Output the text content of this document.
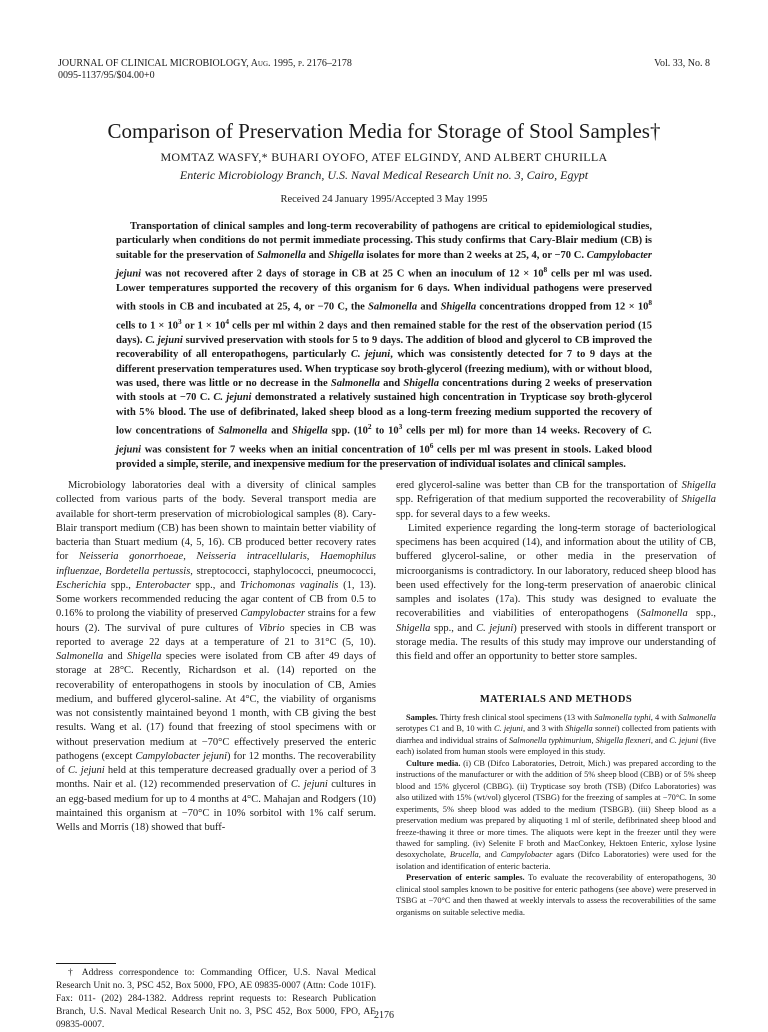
JOURNAL OF CLINICAL MICROBIOLOGY, Aug. 1995, p. 2176–2178
0095-1137/95/$04.00+0
Vol. 33, No. 8
Comparison of Preservation Media for Storage of Stool Samples†
MOMTAZ WASFY,* BUHARI OYOFO, ATEF ELGINDY, AND ALBERT CHURILLA
Enteric Microbiology Branch, U.S. Naval Medical Research Unit no. 3, Cairo, Egypt
Received 24 January 1995/Accepted 3 May 1995
Transportation of clinical samples and long-term recoverability of pathogens are critical to epidemiological studies, particularly when conditions do not permit immediate processing. This study confirms that Cary-Blair medium (CB) is suitable for the preservation of Salmonella and Shigella isolates for more than 2 weeks at 25, 4, or −70 C. Campylobacter jejuni was not recovered after 2 days of storage in CB at 25 C when an inoculum of $12 \times 10^8$ cells per ml was used. Lower temperatures supported the recovery of this organism for 6 days. When individual pathogens were preserved with stools in CB and incubated at 25, 4, or −70 C, the Salmonella and Shigella concentrations dropped from $12 \times 10^8$ cells to $1 \times 10^3$ or $1 \times 10^4$ cells per ml within 2 days and then remained stable for the rest of the observation period (15 days). C. jejuni survived preservation with stools for 5 to 9 days. The addition of blood and glycerol to CB improved the recoverability of all enteropathogens, particularly C. jejuni, which was consistently detected for 7 to 9 days at the different preservation temperatures used. When trypticase soy broth-glycerol (freezing medium), with or without blood, was used, there was little or no decrease in the Salmonella and Shigella concentrations during 2 weeks of preservation with stools at −70 C. C. jejuni demonstrated a relatively sustained high concentration in Trypticase soy broth-glycerol with 5% blood. The use of defibrinated, laked sheep blood as a long-term freezing medium supported the recovery of low concentrations of Salmonella and Shigella spp. ($10^2$ to $10^3$ cells per ml) for more than 14 weeks. Recovery of C. jejuni was consistent for 7 weeks when an initial concentration of $10^6$ cells per ml was present in stools. Laked blood provided a simple, sterile, and inexpensive medium for the preservation of individual isolates and clinical samples.

Microbiology laboratories deal with a diversity of clinical samples collected from various parts of the body. Several transport media are available for short-term preservation of microbiological samples (8). Cary-Blair transport medium (CB) has been shown to maintain better viability of bacteria than Stuart medium (4, 5, 16). CB produced better recovery rates for Neisseria gonorrhoeae, Neisseria intracellularis, Haemophilus influenzae, Bordetella pertussis, streptococci, staphylococci, pneumococci, Escherichia spp., Enterobacter spp., and Trichomonas vaginalis (1, 13). Some workers recommended reducing the agar content of CB from 0.5 to 0.16% to prolong the viability of preserved Campylobacter strains for a few hours (2). The survival of pure cultures of Vibrio species in CB was reported to average 22 days at a temperature of 21 to 31°C (5, 10). Salmonella and Shigella species were isolated from CB after 49 days of storage at 28°C. Recently, Richardson et al. (14) reported on the recoverability of enteropathogens in stools by inoculation of CB, Amies medium, and buffered glycerol-saline. At 4°C, the viability of organisms was not consistently maintained beyond 1 month, with CB giving the best results. Wang et al. (17) found that freezing of stool specimens with or without preservation medium at −70°C effectively preserved the enteric pathogens (except Campylobacter jejuni) for 12 months. The recoverability of C. jejuni held at this temperature decreased gradually over a period of 3 months. Nair et al. (12) recommended preservation of C. jejuni cultures in an egg-based medium for up to 4 months at 4°C. Mahajan and Rodgers (10) maintained this organism at −70°C in 10% sorbitol with 1% calf serum. Wells and Morris (18) showed that buff-

ered glycerol-saline was better than CB for the transportation of Shigella spp. Refrigeration of that medium supported the recoverability of Shigella spp. for several days to a few weeks.

Limited experience regarding the long-term storage of bacteriological specimens has been acquired (14), and information about the utility of CB, buffered glycerol-saline, or other media in the preservation of microorganisms is contradictory. In our laboratory, reduced sheep blood has been used effectively for the long-term preservation of anaerobic clinical samples and isolates (17a). This study was designed to evaluate the recoverabilities and viabilities of enteropathogens (Salmonella spp., Shigella spp., and C. jejuni) preserved with stools in different transport or storage media. The results of this study may improve our understanding of this field and offer an opportunity to better store samples.

MATERIALS AND METHODS

Samples. Thirty fresh clinical stool specimens (13 with Salmonella typhi, 4 with Salmonella serotypes C1 and B, 10 with C. jejuni, and 3 with Shigella sonnei) collected from patients with diarrhea and individual strains of Salmonella typhimurium, Shigella flexneri, and C. jejuni (five each) isolated from human stools were employed in this study.

Culture media. (i) CB (Difco Laboratories, Detroit, Mich.) was prepared according to the instructions of the manufacturer or with the addition of 5% sheep blood (CBB) or of 5% sheep blood and 15% glycerol (CBBG). (ii) Trypticase soy broth (TSB) (Difco Laboratories) was also utilized with 15% (wt/vol) glycerol (TSBG) for the freezing of samples at −70°C. In some experiments, 5% sheep blood was added to the medium (TSBGB). (iii) Sheep blood as a preservation medium was prepared by aliquoting 1 ml of sterile, defibrinated sheep blood and freeze-thawing it three or more times. The aliquots were kept in the freezer until they were thawed for sampling. (iv) Selenite F broth and MacConkey, Hektoen Enteric, xylose lysine desoxycholate, Brucella, and Campylobacter agars (Difco Laboratories) were used for the isolation and identification of enteric bacteria.

Preservation of enteric samples. To evaluate the recoverability of enteropathogens, 30 clinical stool samples known to be positive for enteric pathogens (see above) were preserved in TSBG at −70°C and then thawed at weekly intervals to assess the recoverabilities of the same organisms on suitable selective media.

† Address correspondence to: Commanding Officer, U.S. Naval Medical Research Unit no. 3, PSC 452, Box 5000, FPO, AE 09835-0007 (Attn: Code 101F). Fax: 011- (202) 284-1382. Address reprint requests to: Research Publication Branch, U.S. Naval Medical Research Unit no. 3, PSC 452, Box 5000, FPO, AE 09835-0007.
2176
